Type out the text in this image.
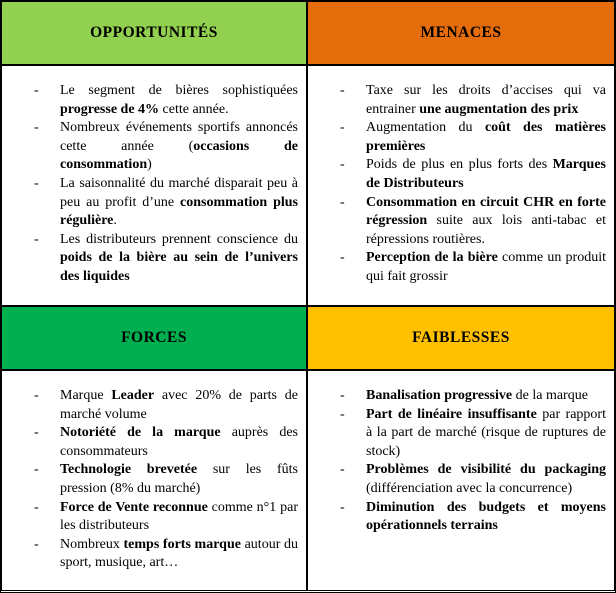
OPPORTUNITÉS	MENACES
- Le segment de bières sophistiquées progresse de 4% cette année.
- Nombreux événements sportifs annoncés cette année (occasions de consommation)
- La saisonnalité du marché disparait peu à peu au profit d’une consommation plus régulière.
- Les distributeurs prennent conscience du poids de la bière au sein de l’univers des liquides
- Taxe sur les droits d’accises qui va entrainer une augmentation des prix
- Augmentation du coût des matières premières
- Poids de plus en plus forts des Marques de Distributeurs
- Consommation en circuit CHR en forte régression suite aux lois anti-tabac et répressions routières.
- Perception de la bière comme un produit qui fait grossir
FORCES	FAIBLESSES
- Marque Leader avec 20% de parts de marché volume
- Notoriété de la marque auprès des consommateurs
- Technologie brevetée sur les fûts pression (8% du marché)
- Force de Vente reconnue comme n°1 par les distributeurs
- Nombreux temps forts marque autour du sport, musique, art…
- Banalisation progressive de la marque
- Part de linéaire insuffisante par rapport à la part de marché (risque de ruptures de stock)
- Problèmes de visibilité du packaging (différenciation avec la concurrence)
- Diminution des budgets et moyens opérationnels terrains
